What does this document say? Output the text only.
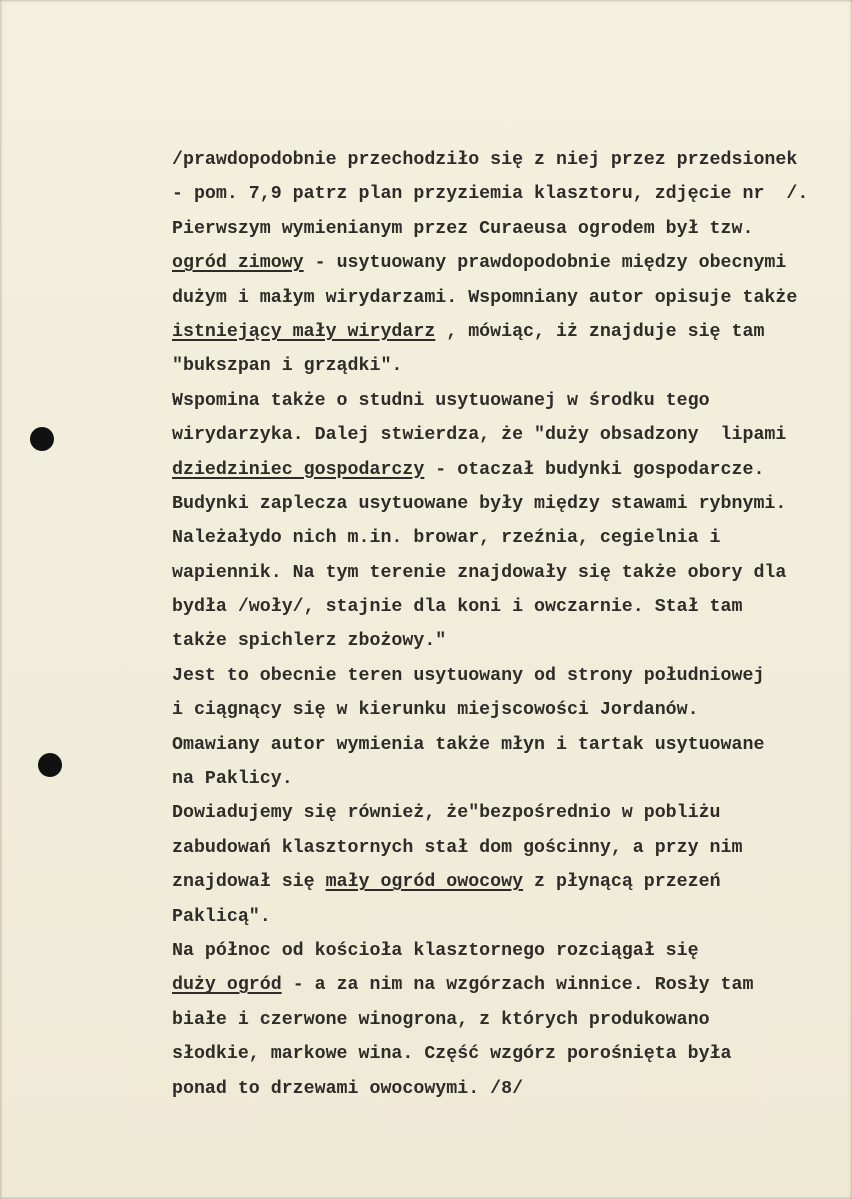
/prawdopodobnie przechodziło się z niej przez przedsionek
- pom. 7,9 patrz plan przyziemia klasztoru, zdjęcie nr  /.
Pierwszym wymienianym przez Curaeusa ogrodem był tzw.
ogród zimowy - usytuowany prawdopodobnie między obecnymi
dużym i małym wirydarzami. Wspomniany autor opisuje także
istniejący mały wirydarz , mówiąc, iż znajduje się tam
"bukszpan i grządki".
Wspomina także o studni usytuowanej w środku tego
wirydarzyka. Dalej stwierdza, że "duży obsadzony  lipami
dziedziniec gospodarczy - otaczał budynki gospodarcze.
Budynki zaplecza usytuowane były między stawami rybnymi.
Należałydo nich m.in. browar, rzeźnia, cegielnia i
wapiennik. Na tym terenie znajdowały się także obory dla
bydła /woły/, stajnie dla koni i owczarnie. Stał tam
także spichlerz zbożowy."
Jest to obecnie teren usytuowany od strony południowej
i ciągnący się w kierunku miejscowości Jordanów.
Omawiany autor wymienia także młyn i tartak usytuowane
na Paklicy.
Dowiadujemy się również, że"bezpośrednio w pobliżu
zabudowań klasztornych stał dom gościnny, a przy nim
znajdował się mały ogród owocowy z płynącą przezeń
Paklicą".
Na północ od kościoła klasztornego rozciągał się
duży ogród - a za nim na wzgórzach winnice. Rosły tam
białe i czerwone winogrona, z których produkowano
słodkie, markowe wina. Część wzgórz porośnięta była
ponad to drzewami owocowymi. /8/
